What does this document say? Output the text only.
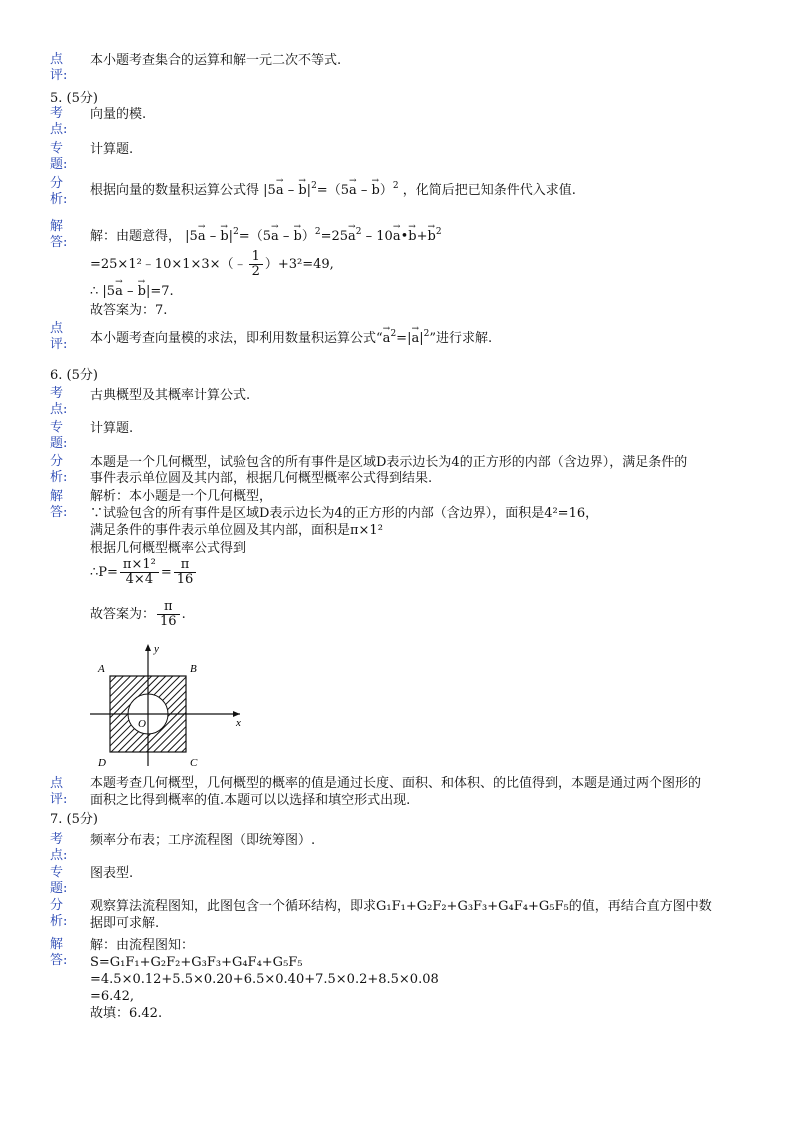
点
评:
本小题考查集合的运算和解一元二次不等式.
5. (5分)
考
点:
向量的模.
专
题:
计算题.
分
析:
根据向量的数量积运算公式得 |5→ a – → $b|^2=(5\to a$ – → b）$^2$ ，化简后把已知条件代入求值.
解
答: 解：由题意得， |5→ a – → $b|^2=(5\to a$ – → $b)^2=25\to a^2 - 10\to$ a•→ $b+\to b^2$
=25×1²﹣10×1×3×（﹣ $\frac{1}{2} )+3^2=49$,
∴ |5→ a – → b|=7.
故答案为：7.
点
评: 本小题考查向量模的求法，即利用数量积运算公式“→ $a^2=|\to a|^2$”进行求解.
6. (5分)
考
点:
古典概型及其概率计算公式.
专
题:
计算题.
分
析:
本题是一个几何概型，试验包含的所有事件是区域D表示边长为4的正方形的内部（含边界），满足条件的
事件表示单位圆及其内部，根据几何概型概率公式得到结果.
解
答:
解析：本小题是一个几何概型，
∵试验包含的所有事件是区域D表示边长为4的正方形的内部（含边界），面积是4²=16，
满足条件的事件表示单位圆及其内部，面积是π×1²
根据几何概型概率公式得到
∴P= $\frac{\text{π×1²}}{4\times 4} = \frac{\pi}{16}$
故答案为： $\frac{\pi}{16}$ .
A	B
C
D
O	x
y
点
评:
本题考查几何概型，几何概型的概率的值是通过长度、面积、和体积、的比值得到，本题是通过两个图形的
面积之比得到概率的值.本题可以以选择和填空形式出现.
7. (5分)
考
点:
频率分布表；工序流程图（即统筹图）.
专
题:
图表型.
分
析:
观察算法流程图知，此图包含一个循环结构，即求G₁F₁+G₂F₂+G₃F₃+G₄F₄+G₅F₅的值，再结合直方图中数
据即可求解.
解
答:
解：由流程图知：
S=G₁F₁+G₂F₂+G₃F₃+G₄F₄+G₅F₅
=4.5×0.12+5.5×0.20+6.5×0.40+7.5×0.2+8.5×0.08
=6.42,
故填：6.42.
